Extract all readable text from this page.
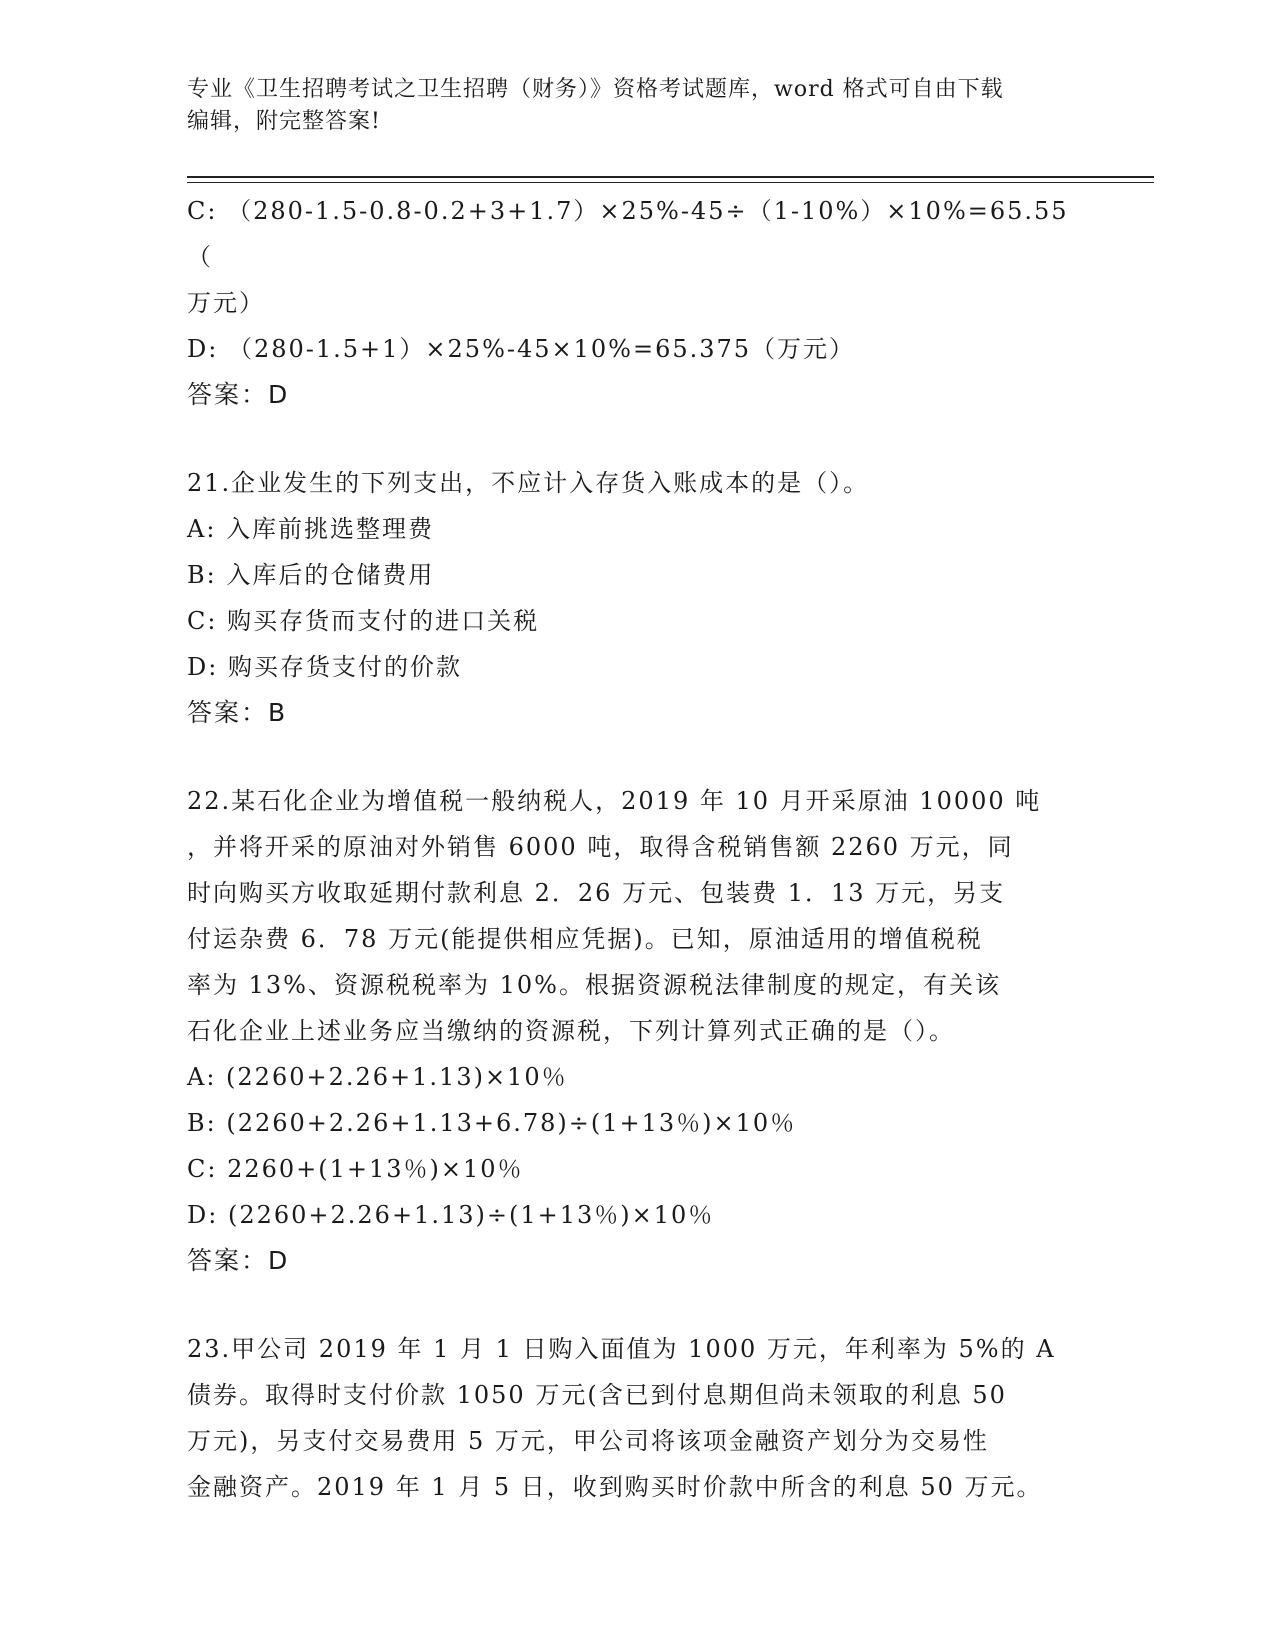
专业《卫生招聘考试之卫生招聘（财务）》资格考试题库，word 格式可自由下载
编辑，附完整答案!
C: （280-1.5-0.8-0.2+3+1.7）×25%-45÷（1-10%）×10%=65.55（
万元）
D: （280-1.5+1）×25%-45×10%=65.375（万元）
答案：D
21.企业发生的下列支出，不应计入存货入账成本的是（）。
A: 入库前挑选整理费
B: 入库后的仓储费用
C: 购买存货而支付的进口关税
D: 购买存货支付的价款
答案：B
22.某石化企业为增值税一般纳税人，2019 年 10 月开采原油 10000 吨
，并将开采的原油对外销售 6000 吨，取得含税销售额 2260 万元，同
时向购买方收取延期付款利息 2．26 万元、包装费 1．13 万元，另支
付运杂费 6．78 万元(能提供相应凭据)。已知，原油适用的增值税税
率为 13%、资源税税率为 10%。根据资源税法律制度的规定，有关该
石化企业上述业务应当缴纳的资源税，下列计算列式正确的是（）。
A: (2260+2.26+1.13)×10％
B: (2260+2.26+1.13+6.78)÷(1+13％)×10％
C: 2260+(1+13％)×10％
D: (2260+2.26+1.13)÷(1+13％)×10％
答案：D
23.甲公司 2019 年 1 月 1 日购入面值为 1000 万元，年利率为 5%的 A
债券。取得时支付价款 1050 万元(含已到付息期但尚未领取的利息 50
万元)，另支付交易费用 5 万元，甲公司将该项金融资产划分为交易性
金融资产。2019 年 1 月 5 日，收到购买时价款中所含的利息 50 万元。
